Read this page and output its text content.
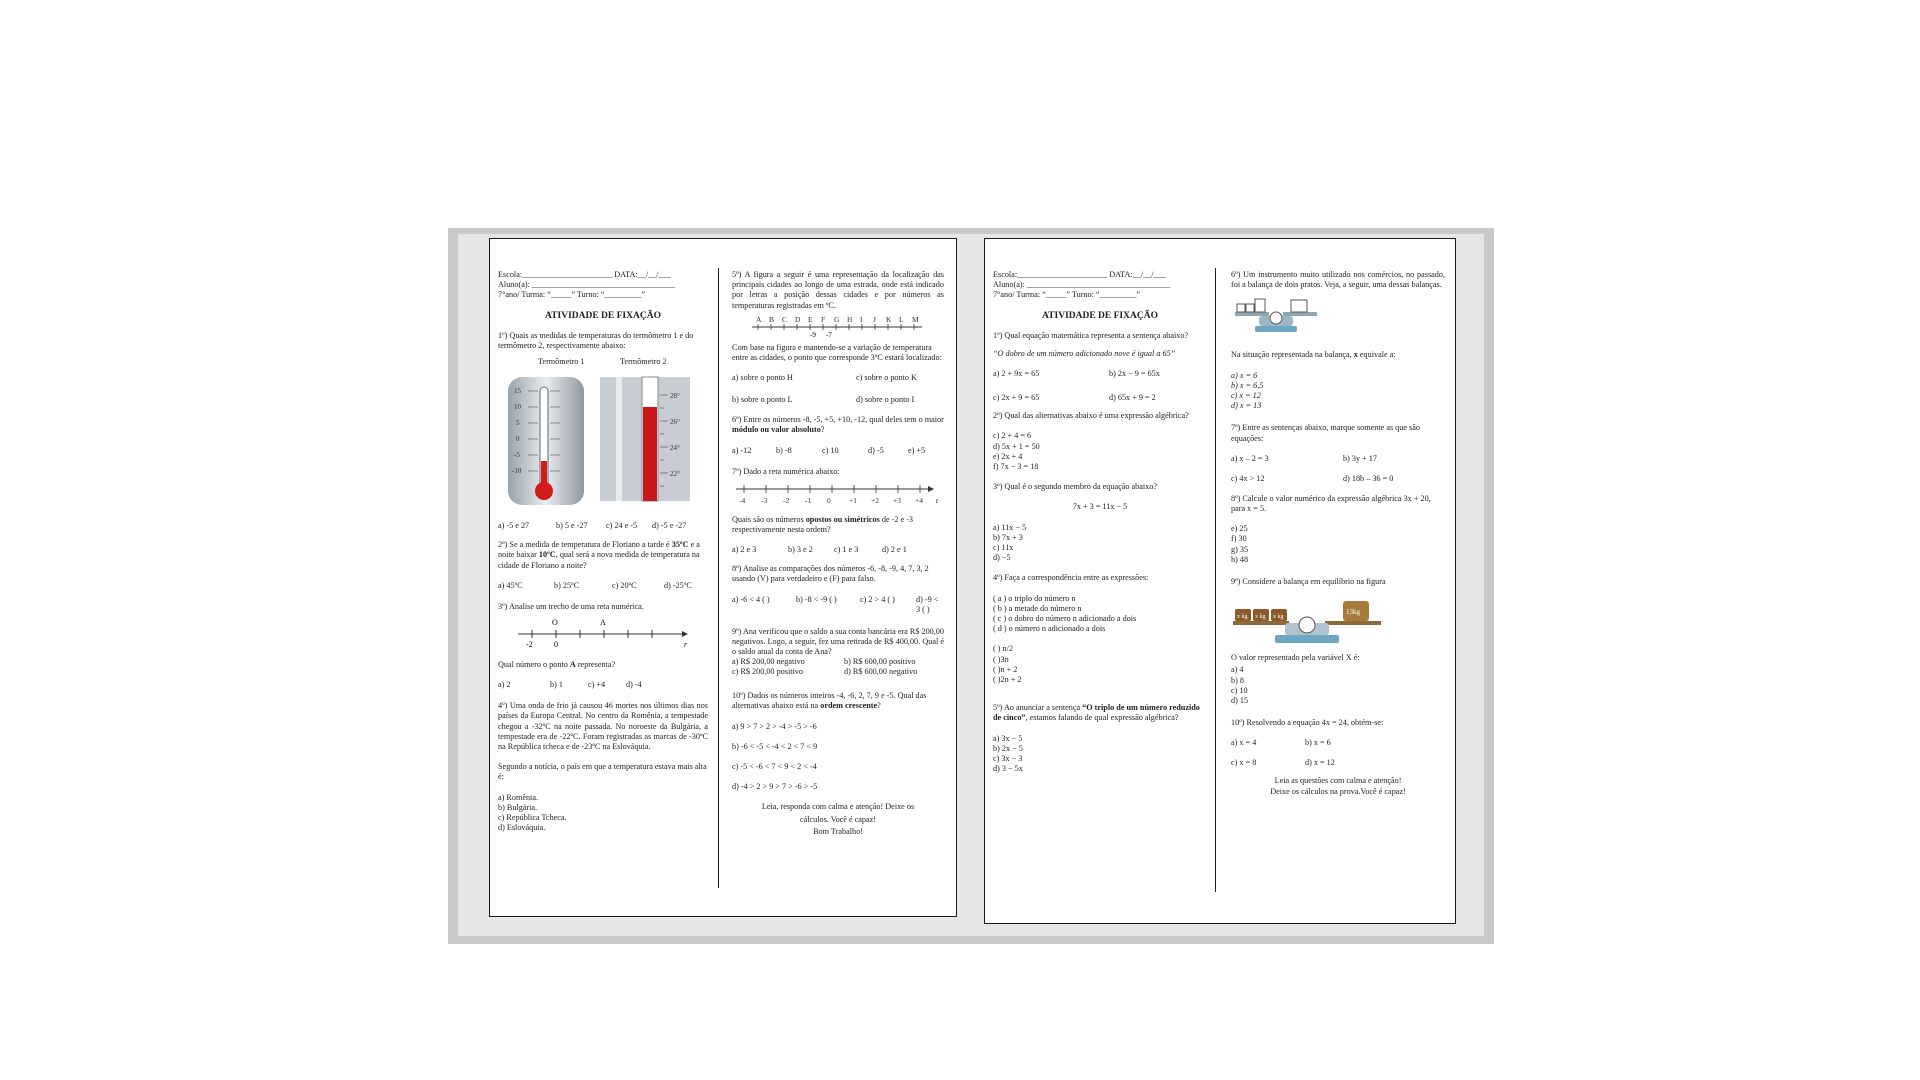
Escola:______________________ DATA:__/__/___

Aluno(a): ___________________________________

7°ano/ Turma: “_____” Turno: “_________”

ATIVIDADE DE FIXAÇÃO

1º) Quais as medidas de temperaturas do termômetro 1 e do termômetro 2, respectivamente abaixo:

Termômetro 1	Termômetro 2
15
10
5
0
-5
-10
28°
26°
24°
22°
a) -5 e 27	b) 5 e -27 c) 24 e -5 d) -5 e -27

2º) Se a medida de temperatura de Floriano a tarde é 35ºC e a noite baixar 10ºC, qual será a nova medida de temperatura na cidade de Floriano a noite?

a) 45ºC	b) 25ºC	c) 20ºC	d) -25ºC

3º) Analise um trecho de uma reta numérica.

O	A
-2	0	r

Qual número o ponto A representa?

a) 2	b) 1	c) +4	d) -4

4º) Uma onda de frio já causou 46 mortes nos últimos dias nos países da Europa Central. No centro da Romênia, a tempestade chegou a -32ºC na noite passada. No noroeste da Bulgária, a tempestade era de -22ºC. Foram registradas as marcas de -30ºC na República tcheca e de -23ºC na Eslováquia.

Segundo a notícia, o país em que a temperatura estava mais alta é:

a) Romênia.

b) Bulgária.

c) República Tcheca.

d) Eslováquia.

5º) A figura a seguir é uma representação da localização das principais cidades ao longo de uma estrada, onde está indicado por letras a posição dessas cidades e por números as temperaturas registradas em ºC.

A B C D E F G H I J K L M
-9 -7

Com base na figura e mantendo-se a variação de temperatura entre as cidades, o ponto que corresponde 3ºC estará localizado:

a) sobre o ponto H	c) sobre o ponto K
b) sobre o ponto L	d) sobre o ponto I

6º) Entre os números -8, -5, +5, +10, -12, qual deles tem o maior módulo ou valor absoluto?

a) -12	b) -8	c) 10	d) -5	e) +5

7º) Dado a reta numérica abaixo:

-4 -3 -2 -1 0 +1 +2 +3 +4 t

Quais são os números opostos ou simétricos de -2 e -3 respectivamente nesta ordem?

a) 2 e 3	b) 3 e 2	c) 1 e 3	d) 2 e 1

8º) Analise as comparações dos números -6, -8, -9, 4, 7, 3, 2 usando (V) para verdadeiro e (F) para falso.

a) -6 < 4 ( )	b) -8 < -9 ( )	c) 2 > 4 ( )	d) -9 < 3 ( )

9º) Ana verificou que o saldo a sua conta bancária era R$ 200,00 negativos. Logo, a seguir, fez uma retirada de R$ 400,00. Qual é o saldo atual da conta de Ana?

a) R$ 200,00 negativo	b) R$ 600,00 positivo
c) R$ 200,00 positivo	d) R$ 600,00 negativo

10º) Dados os números inteiros -4, -6, 2, 7, 9 e -5. Qual das alternativas abaixo está na ordem crescente?

a) 9 > 7 > 2 > -4 > -5 > -6

b) -6 < -5 < -4 < 2 < 7 < 9

c) -5 < -6 < 7 < 9 < 2 < -4

d) -4 > 2 > 9 > 7 > -6 > -5

Leia, responda com calma e atenção! Deixe os

cálculos. Você é capaz!

Bom Trabalho!

Escola:______________________ DATA:__/__/___

Aluno(a): ___________________________________

7°ano/ Turma: “_____” Turno: “_________”

ATIVIDADE DE FIXAÇÃO

1º) Qual equação matemática representa a sentença abaixo?

“O dobro de um número adicionado nove é igual a 65”

a) 2 + 9x = 65	b) 2x − 9 = 65x
c) 2x + 9 = 65	d) 65x + 9 = 2

2º) Qual das alternativas abaixo é uma expressão algébrica?

c) 2 + 4 = 6

d) 5x + 1 = 50

e) 2x + 4

f) 7x − 3 = 18

3º) Qual é o segundo membro da equação abaixo?

7x + 3 = 11x − 5

a) 11x − 5

b) 7x + 3

c) 11x

d) −5

4º) Faça a correspondência entre as expressões:

( a ) o triplo do número n

( b ) a metade do número n

( c ) o dobro do número n adicionado a dois

( d ) o número n adicionado a dois

( ) n/2

( )3n

( )n + 2

( )2n + 2

5º) Ao anunciar a sentença “O triplo de um número reduzido de cinco”, estamos falando de qual expressão algébrica?

a) 3x − 5

b) 2x − 5

c) 3x − 3

d) 3 − 5x

6º) Um instrumento muito utilizado nos comércios, no passado, foi a balança de dois pratos. Veja, a seguir, uma dessas balanças.

Na situação representada na balança, x equivale a:

a) x = 6

b) x = 6,5

c) x = 12

d) x = 13

7º) Entre as sentenças abaixo, marque somente as que são equações:

a) x – 2 = 3	b) 3y + 17
c) 4x > 12	d) 18b – 36 = 0

8º) Calcule o valor numérico da expressão algébrica 3x + 20, para x = 5.

e) 25

f) 30

g) 35

h) 48

9º) Considere a balança em equilíbrio na figura

x kg x kg x kg
13kg

O valor representado pela variável X é:

a) 4

b) 8

c) 10

d) 15

10º) Resolvendo a equação 4x = 24, obtém-se:

a) x = 4	b) x = 6
c) x = 8	d) x = 12

Leia as questões com calma e atenção!

Deixe os cálculos na prova.Você é capaz!
